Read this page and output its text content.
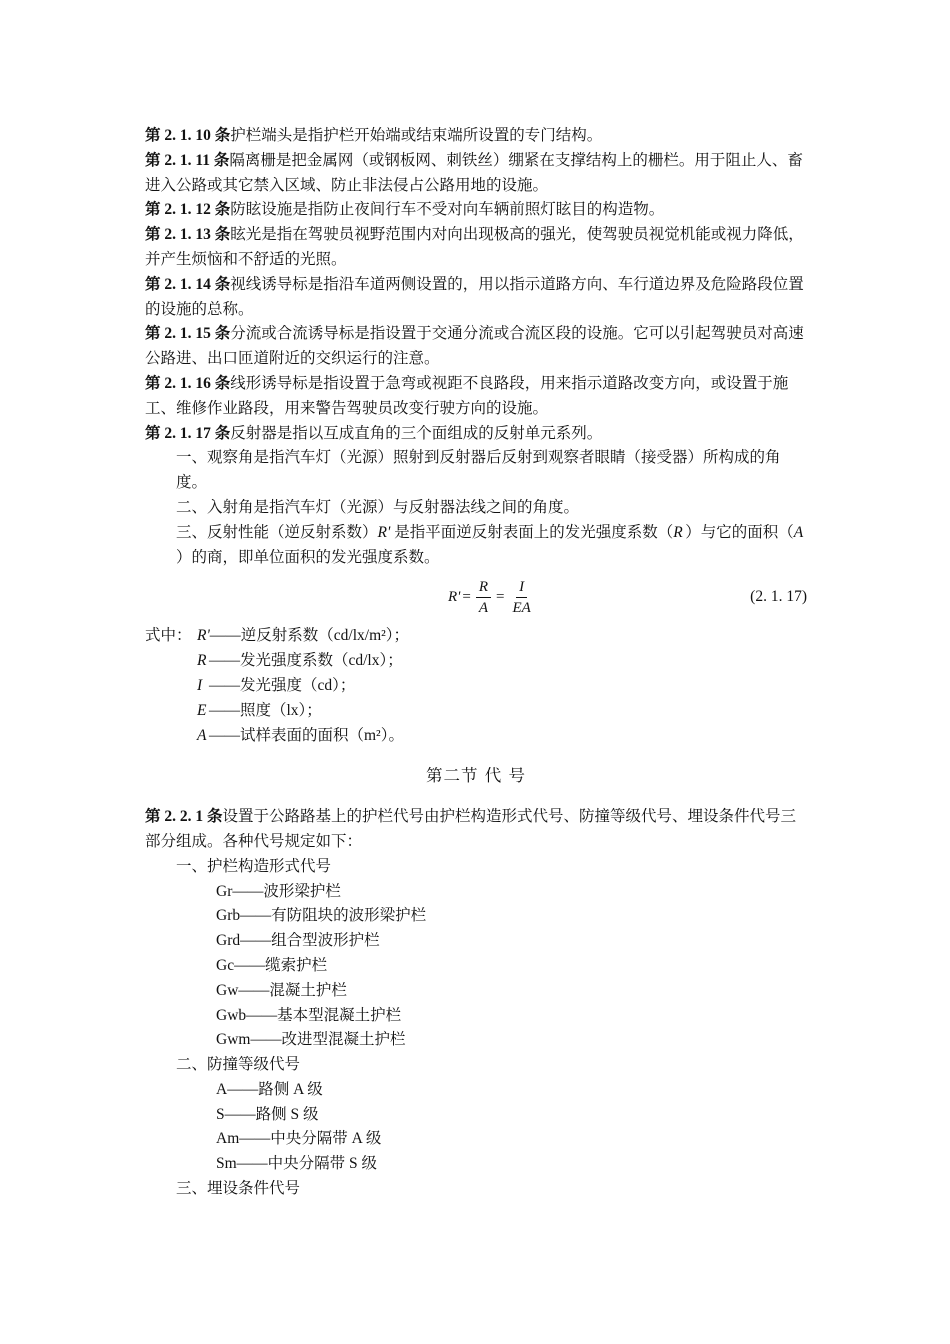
第 2. 1. 10 条护栏端头是指护栏开始端或结束端所设置的专门结构。

第 2. 1. 11 条隔离栅是把金属网（或钢板网、刺铁丝）绷紧在支撑结构上的栅栏。用于阻止人、畜进入公路或其它禁入区域、防止非法侵占公路用地的设施。

第 2. 1. 12 条防眩设施是指防止夜间行车不受对向车辆前照灯眩目的构造物。

第 2. 1. 13 条眩光是指在驾驶员视野范围内对向出现极高的强光，使驾驶员视觉机能或视力降低，并产生烦恼和不舒适的光照。

第 2. 1. 14 条视线诱导标是指沿车道两侧设置的，用以指示道路方向、车行道边界及危险路段位置的设施的总称。

第 2. 1. 15 条分流或合流诱导标是指设置于交通分流或合流区段的设施。它可以引起驾驶员对高速公路进、出口匝道附近的交织运行的注意。

第 2. 1. 16 条线形诱导标是指设置于急弯或视距不良路段，用来指示道路改变方向，或设置于施工、维修作业路段，用来警告驾驶员改变行驶方向的设施。

第 2. 1. 17 条反射器是指以互成直角的三个面组成的反射单元系列。

一、观察角是指汽车灯（光源）照射到反射器后反射到观察者眼睛（接受器）所构成的角度。

二、入射角是指汽车灯（光源）与反射器法线之间的角度。

三、反射性能（逆反射系数）R' 是指平面逆反射表面上的发光强度系数（R ）与它的面积（A）的商，即单位面积的发光强度系数。

$R' = \frac{R}{A} = \frac{I}{EA}$	(2. 1. 17)
式中： R'——逆反射系数（cd/lx/m²）；

R ——发光强度系数（cd/lx）；

I ——发光强度（cd）；

E ——照度（lx）；

A ——试样表面的面积（m²）。

第二节 代 号

第 2. 2. 1 条设置于公路路基上的护栏代号由护栏构造形式代号、防撞等级代号、埋设条件代号三部分组成。各种代号规定如下：

一、护栏构造形式代号

Gr——波形梁护栏

Grb——有防阻块的波形梁护栏

Grd——组合型波形护栏

Gc——缆索护栏

Gw——混凝土护栏

Gwb——基本型混凝土护栏

Gwm——改进型混凝土护栏

二、防撞等级代号

A——路侧 A 级

S——路侧 S 级

Am——中央分隔带 A 级

Sm——中央分隔带 S 级

三、埋设条件代号
